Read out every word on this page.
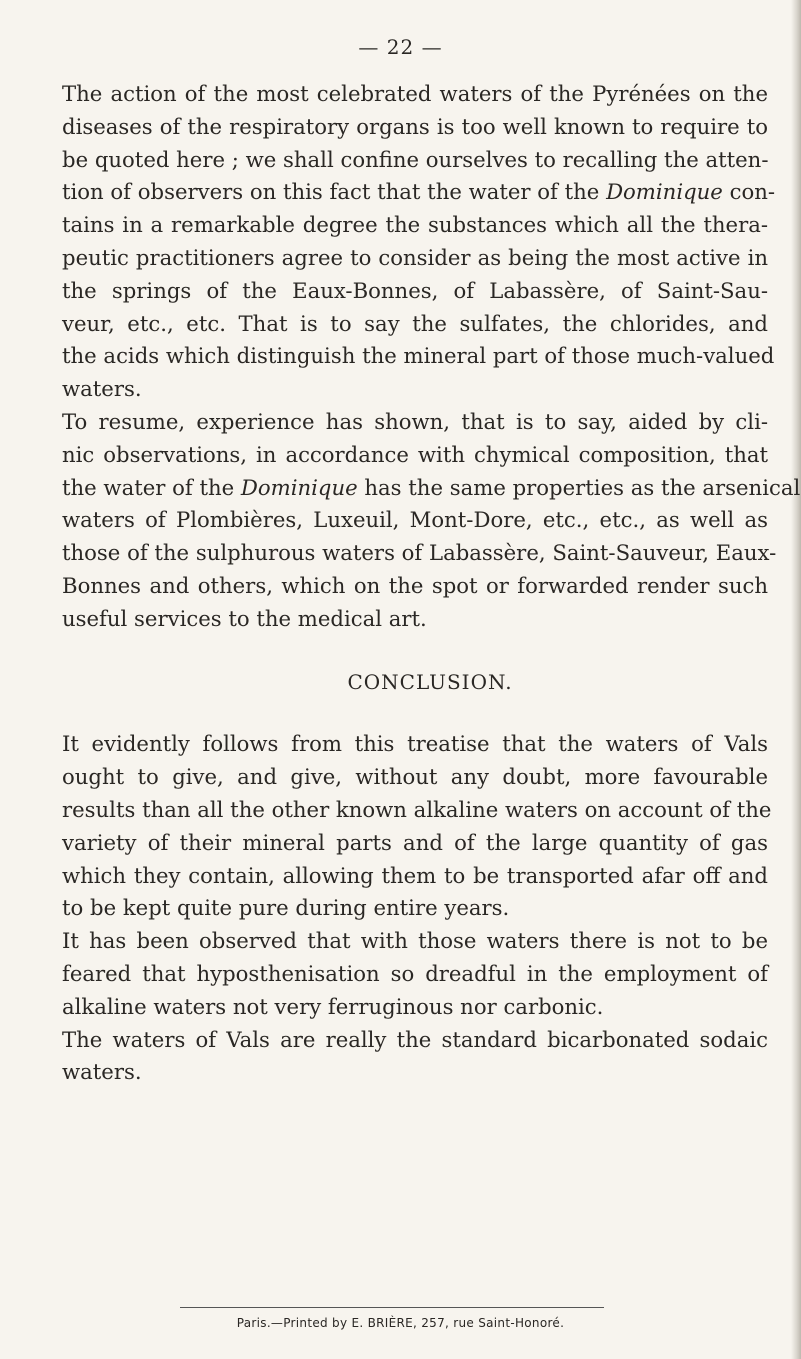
— 22 —

The action of the most celebrated waters of the Pyrénées on the
diseases of the respiratory organs is too well known to require to
be quoted here ; we shall confine ourselves to recalling the atten-
tion of observers on this fact that the water of the Dominique con-
tains in a remarkable degree the substances which all the thera-
peutic practitioners agree to consider as being the most active in
the springs of the Eaux-Bonnes, of Labassère, of Saint-Sau-
veur, etc., etc. That is to say the sulfates, the chlorides, and
the acids which distinguish the mineral part of those much-valued
waters.

To resume, experience has shown, that is to say, aided by cli-
nic observations, in accordance with chymical composition, that
the water of the Dominique has the same properties as the arsenical
waters of Plombières, Luxeuil, Mont-Dore, etc., etc., as well as
those of the sulphurous waters of Labassère, Saint-Sauveur, Eaux-
Bonnes and others, which on the spot or forwarded render such
useful services to the medical art.

CONCLUSION.

It evidently follows from this treatise that the waters of Vals
ought to give, and give, without any doubt, more favourable
results than all the other known alkaline waters on account of the
variety of their mineral parts and of the large quantity of gas
which they contain, allowing them to be transported afar off and
to be kept quite pure during entire years.

It has been observed that with those waters there is not to be
feared that hyposthenisation so dreadful in the employment of
alkaline waters not very ferruginous nor carbonic.

The waters of Vals are really the standard bicarbonated sodaic
waters.

Paris.—Printed by E. BRIÈRE, 257, rue Saint-Honoré.
